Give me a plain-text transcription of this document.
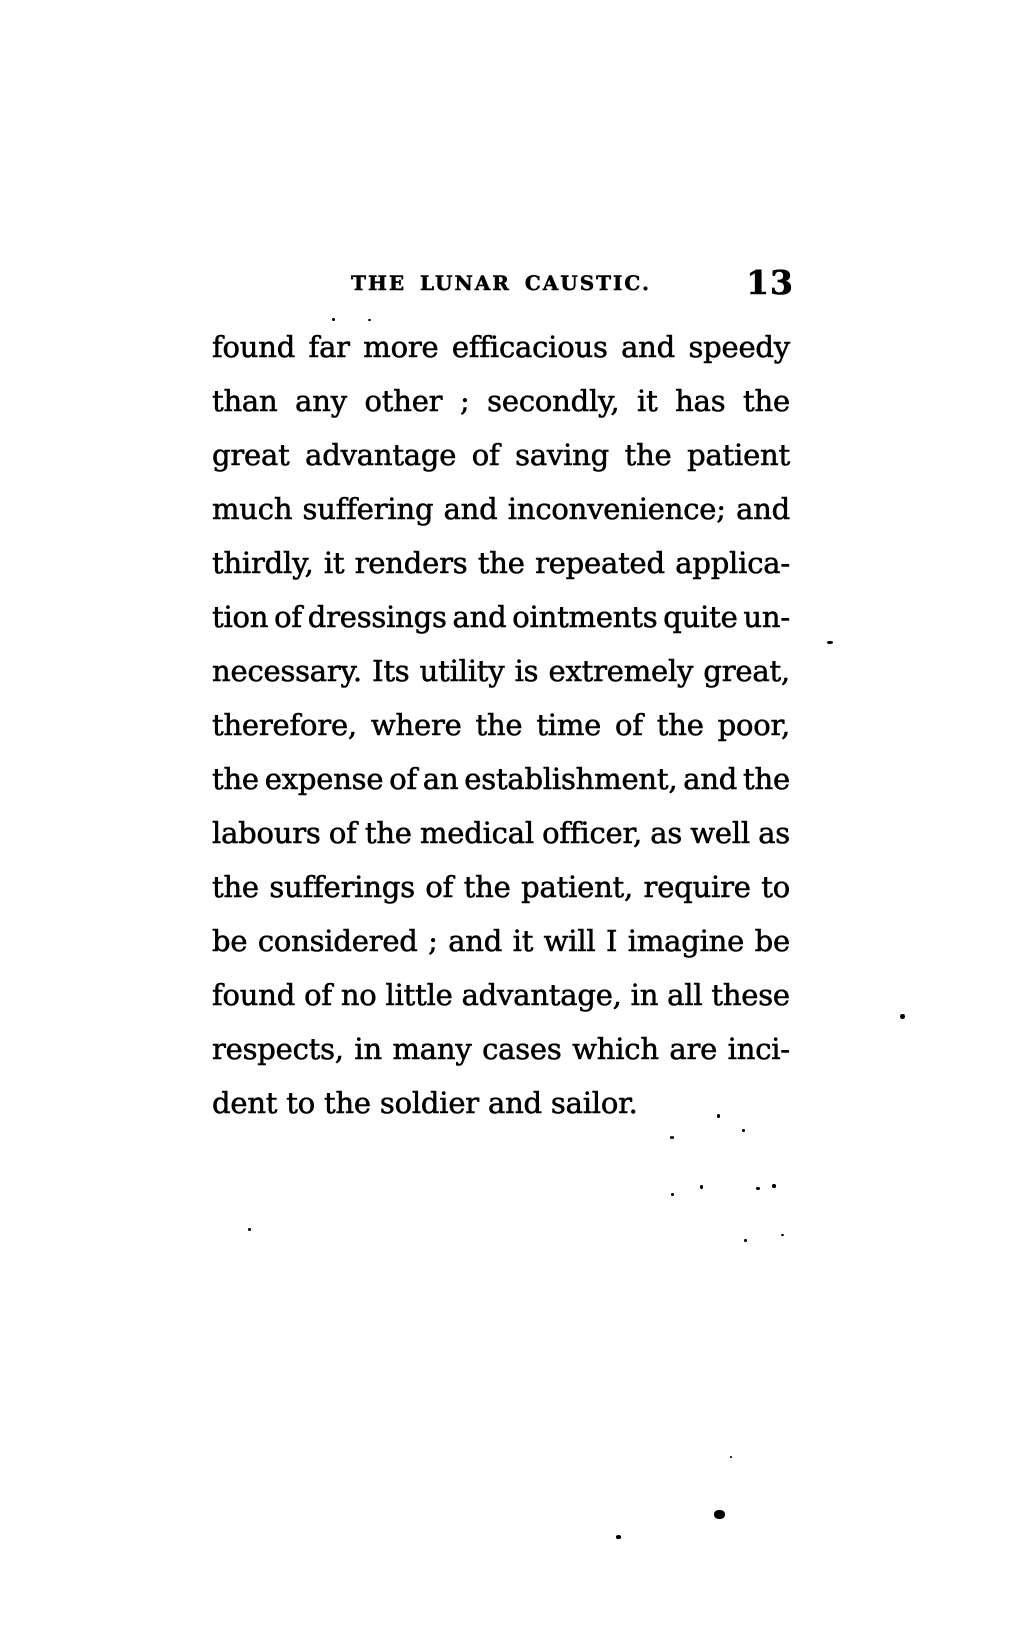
THE LUNAR CAUSTIC.	13
found far more efficacious and speedy
than any other ; secondly, it has the
great advantage of saving the patient
much suffering and inconvenience; and
thirdly, it renders the repeated applica-
tion of dressings and ointments quite un-
necessary. Its utility is extremely great,
therefore, where the time of the poor,
the expense of an establishment, and the
labours of the medical officer, as well as
the sufferings of the patient, require to
be considered ; and it will I imagine be
found of no little advantage, in all these
respects, in many cases which are inci-
dent to the soldier and sailor.
